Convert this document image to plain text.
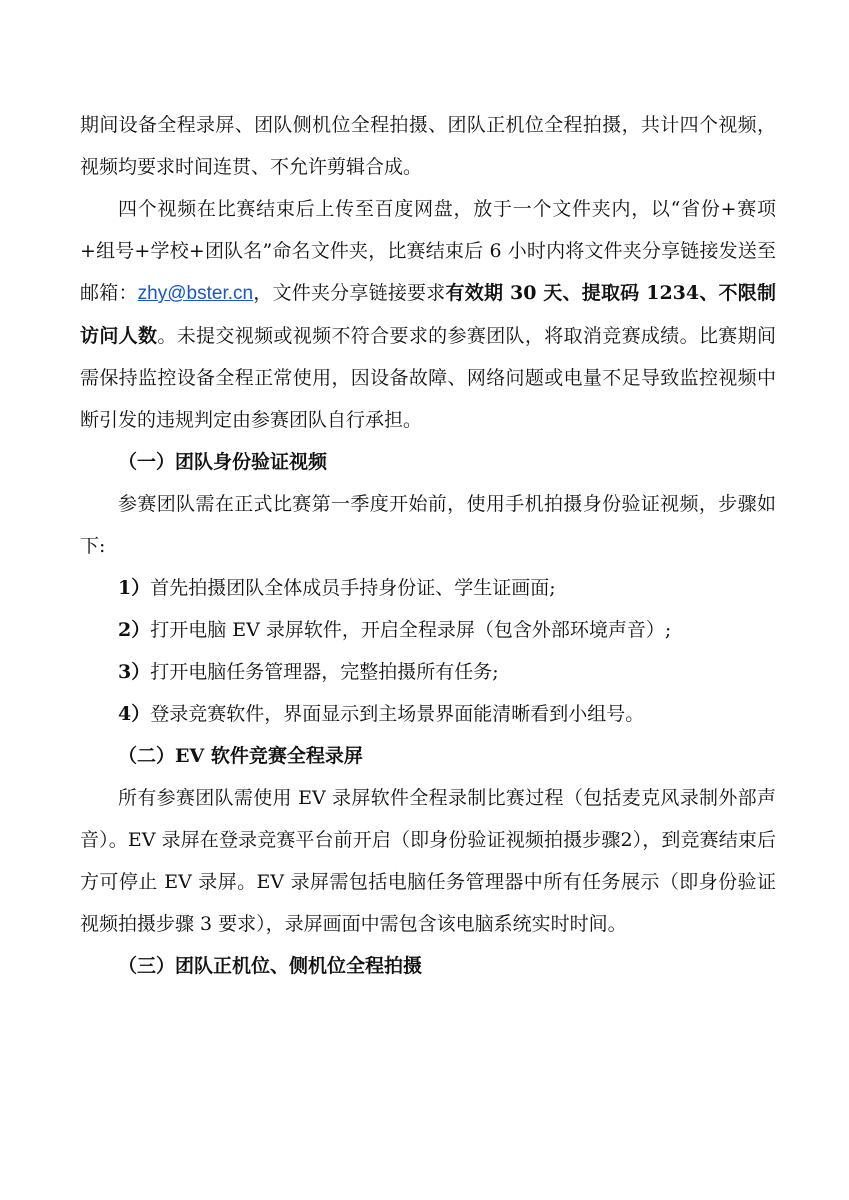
期间设备全程录屏、团队侧机位全程拍摄、团队正机位全程拍摄，共计四个视频，视频均要求时间连贯、不允许剪辑合成。

四个视频在比赛结束后上传至百度网盘，放于一个文件夹内，以“省份+赛项+组号+学校+团队名”命名文件夹，比赛结束后 6 小时内将文件夹分享链接发送至邮箱：zhy@bster.cn，文件夹分享链接要求有效期 30 天、提取码 1234、不限制访问人数。未提交视频或视频不符合要求的参赛团队，将取消竞赛成绩。比赛期间需保持监控设备全程正常使用，因设备故障、网络问题或电量不足导致监控视频中断引发的违规判定由参赛团队自行承担。

（一）团队身份验证视频

参赛团队需在正式比赛第一季度开始前，使用手机拍摄身份验证视频，步骤如下:

1）首先拍摄团队全体成员手持身份证、学生证画面;

2）打开电脑 EV 录屏软件，开启全程录屏（包含外部环境声音）;

3）打开电脑任务管理器，完整拍摄所有任务;

4）登录竞赛软件，界面显示到主场景界面能清晰看到小组号。

（二）EV 软件竞赛全程录屏

所有参赛团队需使用 EV 录屏软件全程录制比赛过程（包括麦克风录制外部声音）。EV 录屏在登录竞赛平台前开启（即身份验证视频拍摄步骤2），到竞赛结束后方可停止 EV 录屏。EV 录屏需包括电脑任务管理器中所有任务展示（即身份验证视频拍摄步骤 3 要求），录屏画面中需包含该电脑系统实时时间。

（三）团队正机位、侧机位全程拍摄
